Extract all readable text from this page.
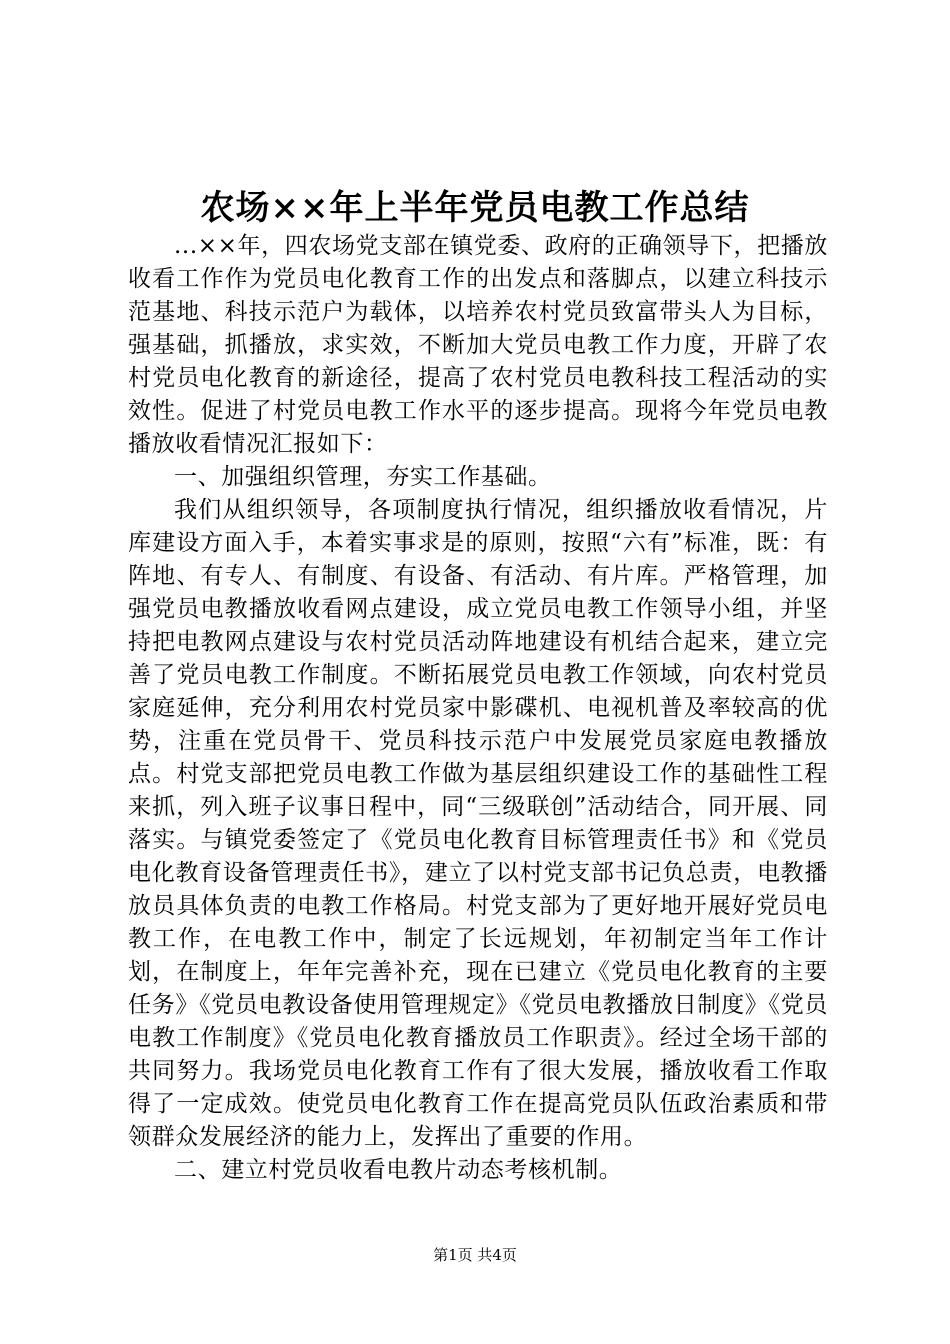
农场××年上半年党员电教工作总结

...××年，四农场党支部在镇党委、政府的正确领导下，把播放收看工作作为党员电化教育工作的出发点和落脚点，以建立科技示范基地、科技示范户为载体，以培养农村党员致富带头人为目标，强基础，抓播放，求实效，不断加大党员电教工作力度，开辟了农村党员电化教育的新途径，提高了农村党员电教科技工程活动的实效性。促进了村党员电教工作水平的逐步提高。现将今年党员电教播放收看情况汇报如下：

一、加强组织管理，夯实工作基础。

我们从组织领导，各项制度执行情况，组织播放收看情况，片库建设方面入手，本着实事求是的原则，按照“六有”标准，既：有阵地、有专人、有制度、有设备、有活动、有片库。严格管理，加强党员电教播放收看网点建设，成立党员电教工作领导小组，并坚持把电教网点建设与农村党员活动阵地建设有机结合起来，建立完善了党员电教工作制度。不断拓展党员电教工作领域，向农村党员家庭延伸，充分利用农村党员家中影碟机、电视机普及率较高的优势，注重在党员骨干、党员科技示范户中发展党员家庭电教播放点。村党支部把党员电教工作做为基层组织建设工作的基础性工程来抓，列入班子议事日程中，同“三级联创”活动结合，同开展、同落实。与镇党委签定了《党员电化教育目标管理责任书》和《党员电化教育设备管理责任书》，建立了以村党支部书记负总责，电教播放员具体负责的电教工作格局。村党支部为了更好地开展好党员电教工作，在电教工作中，制定了长远规划，年初制定当年工作计划，在制度上，年年完善补充，现在已建立《党员电化教育的主要任务》《党员电教设备使用管理规定》《党员电教播放日制度》《党员电教工作制度》《党员电化教育播放员工作职责》。经过全场干部的共同努力。我场党员电化教育工作有了很大发展，播放收看工作取得了一定成效。使党员电化教育工作在提高党员队伍政治素质和带领群众发展经济的能力上，发挥出了重要的作用。

二、建立村党员收看电教片动态考核机制。

第1页 共4页
